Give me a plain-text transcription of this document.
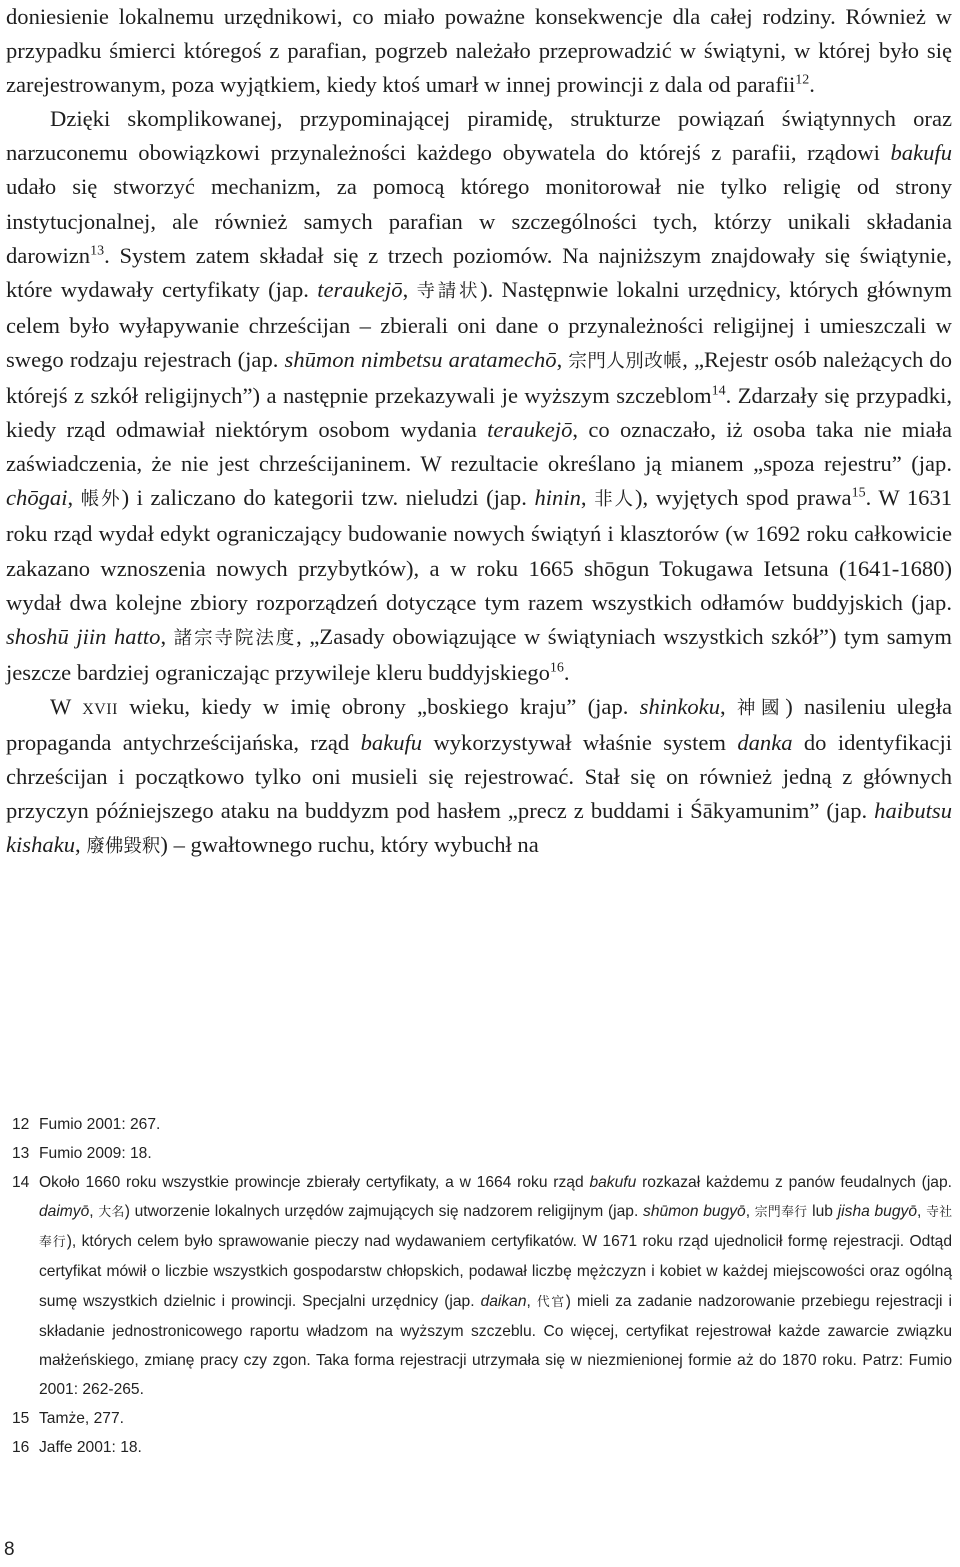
doniesienie lokalnemu urzędnikowi, co miało poważne konsekwencje dla całej rodziny. Również w przypadku śmierci któregoś z parafian, pogrzeb należało przeprowadzić w świątyni, w której było się zarejestrowanym, poza wyjątkiem, kiedy ktoś umarł w innej prowincji z dala od parafii$^{12}$.

Dzięki skomplikowanej, przypominającej piramidę, strukturze powiązań świątynnych oraz narzuconemu obowiązkowi przynależności każdego obywatela do którejś z parafii, rządowi bakufu udało się stworzyć mechanizm, za pomocą którego monitorował nie tylko religię od strony instytucjonalnej, ale również samych parafian w szczególności tych, którzy unikali składania darowizn$^{13}$. System zatem składał się z trzech poziomów. Na najniższym znajdowały się świątynie, które wydawały certyfikaty (jap. teraukejō, 寺請状). Następnwie lokalni urzędnicy, których głównym celem było wyłapywanie chrześcijan – zbierali oni dane o przynależności religijnej i umieszczali w swego rodzaju rejestrach (jap. shūmon nimbetsu aratamechō, 宗門人別改帳, „Rejestr osób należących do którejś z szkół religijnych”) a następnie przekazywali je wyższym szczeblom$^{14}$. Zdarzały się przypadki, kiedy rząd odmawiał niektórym osobom wydania teraukejō, co oznaczało, iż osoba taka nie miała zaświadczenia, że nie jest chrześcijaninem. W rezultacie określano ją mianem „spoza rejestru” (jap. chōgai, 帳外) i zaliczano do kategorii tzw. nieludzi (jap. hinin, 非人), wyjętych spod prawa$^{15}$. W 1631 roku rząd wydał edykt ograniczający budowanie nowych świątyń i klasztorów (w 1692 roku całkowicie zakazano wznoszenia nowych przybytków), a w roku 1665 shōgun Tokugawa Ietsuna (1641-1680) wydał dwa kolejne zbiory rozporządzeń dotyczące tym razem wszystkich odłamów buddyjskich (jap. shoshū jiin hatto, 諸宗寺院法度, „Zasady obowiązujące w świątyniach wszystkich szkół”) tym samym jeszcze bardziej ograniczając przywileje kleru buddyjskiego$^{16}$.

W xvii wieku, kiedy w imię obrony „boskiego kraju” (jap. shinkoku, 神國) nasileniu uległa propaganda antychrześcijańska, rząd bakufu wykorzystywał właśnie system danka do identyfikacji chrześcijan i początkowo tylko oni musieli się rejestrować. Stał się on również jedną z głównych przyczyn późniejszego ataku na buddyzm pod hasłem „precz z buddami i Śākyamunim” (jap. haibutsu kishaku, 廢佛毀釈) – gwałtownego ruchu, który wybuchł na

12 Fumio 2001: 267.
13 Fumio 2009: 18.
14 Około 1660 roku wszystkie prowincje zbierały certyfikaty, a w 1664 roku rząd bakufu rozkazał każdemu z panów feudalnych (jap. daimyō, 大名) utworzenie lokalnych urzędów zajmujących się nadzorem religijnym (jap. shūmon bugyō, 宗門奉行 lub jisha bugyō, 寺社奉行), których celem było sprawowanie pieczy nad wydawaniem certyfikatów. W 1671 roku rząd ujednolicił formę rejestracji. Odtąd certyfikat mówił o liczbie wszystkich gospodarstw chłopskich, podawał liczbę mężczyzn i kobiet w każdej miejscowości oraz ogólną sumę wszystkich dzielnic i prowincji. Specjalni urzędnicy (jap. daikan, 代官) mieli za zadanie nadzorowanie przebiegu rejestracji i składanie jednostronicowego raportu władzom na wyższym szczeblu. Co więcej, certyfikat rejestrował każde zawarcie związku małżeńskiego, zmianę pracy czy zgon. Taka forma rejestracji utrzymała się w niezmienionej formie aż do 1870 roku. Patrz: Fumio 2001: 262-265.
15 Tamże, 277.
16 Jaffe 2001: 18.
8
